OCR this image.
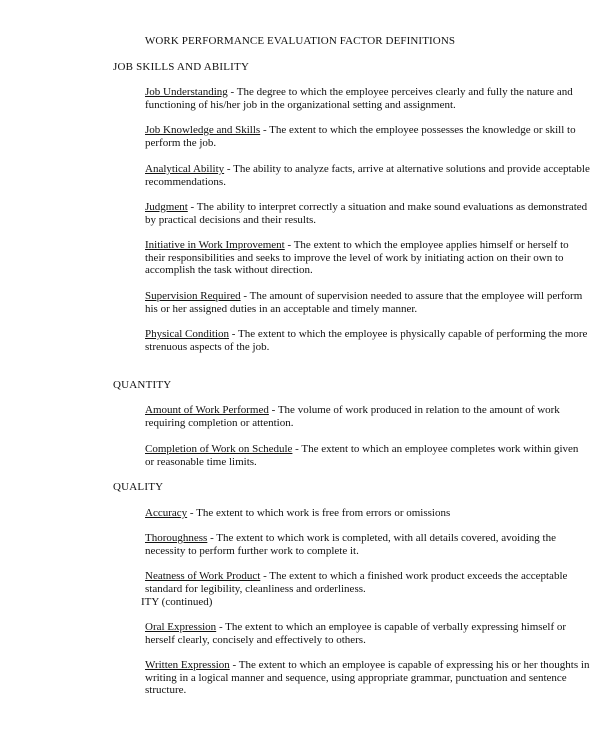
WORK PERFORMANCE EVALUATION FACTOR DEFINITIONS
JOB SKILLS AND ABILITY
Job Understanding - The degree to which the employee perceives clearly and fully the nature and functioning of his/her job in the organizational setting and assignment.
Job Knowledge and Skills - The extent to which the employee possesses the knowledge or skill to perform the job.
Analytical Ability - The ability to analyze facts, arrive at alternative solutions and provide acceptable recommendations.
Judgment - The ability to interpret correctly a situation and make sound evaluations as demonstrated by practical decisions and their results.
Initiative in Work Improvement - The extent to which the employee applies himself or herself to their responsibilities and seeks to improve the level of work by initiating action on their own to accomplish the task without direction.
Supervision Required - The amount of supervision needed to assure that the employee will perform his or her assigned duties in an acceptable and timely manner.
Physical Condition - The extent to which the employee is physically capable of performing the more strenuous aspects of the job.
QUANTITY
Amount of Work Performed - The volume of work produced in relation to the amount of work requiring completion or attention.
Completion of Work on Schedule - The extent to which an employee completes work within given or reasonable time limits.
QUALITY
Accuracy - The extent to which work is free from errors or omissions
Thoroughness - The extent to which work is completed, with all details covered, avoiding the necessity to perform further work to complete it.
Neatness of Work Product - The extent to which a finished work product exceeds the acceptable standard for legibility, cleanliness and orderliness.
ITY (continued)
Oral Expression - The extent to which an employee is capable of verbally expressing himself or herself clearly, concisely and effectively to others.
Written Expression - The extent to which an employee is capable of expressing his or her thoughts in writing in a logical manner and sequence, using appropriate grammar, punctuation and sentence structure.
